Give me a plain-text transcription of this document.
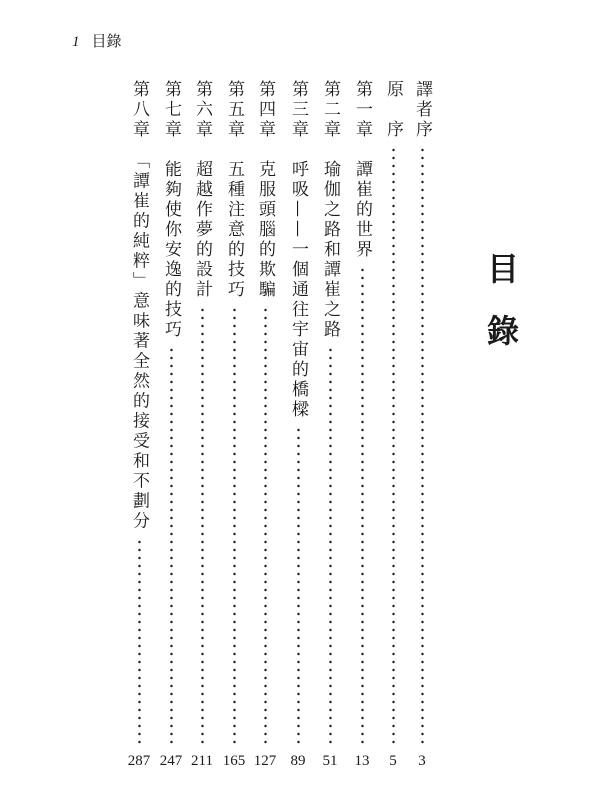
1 目錄
目錄
譯者序
3
原　序
5
第一章　譚崔的世界
13
第二章　瑜伽之路和譚崔之路
51
第三章　呼吸——一個通往宇宙的橋樑
89
第四章　克服頭腦的欺騙
127
第五章　五種注意的技巧
165
第六章　超越作夢的設計
211
第七章　能夠使你安逸的技巧
247
第八章　「譚崔的純粹」意味著全然的接受和不劃分
287
